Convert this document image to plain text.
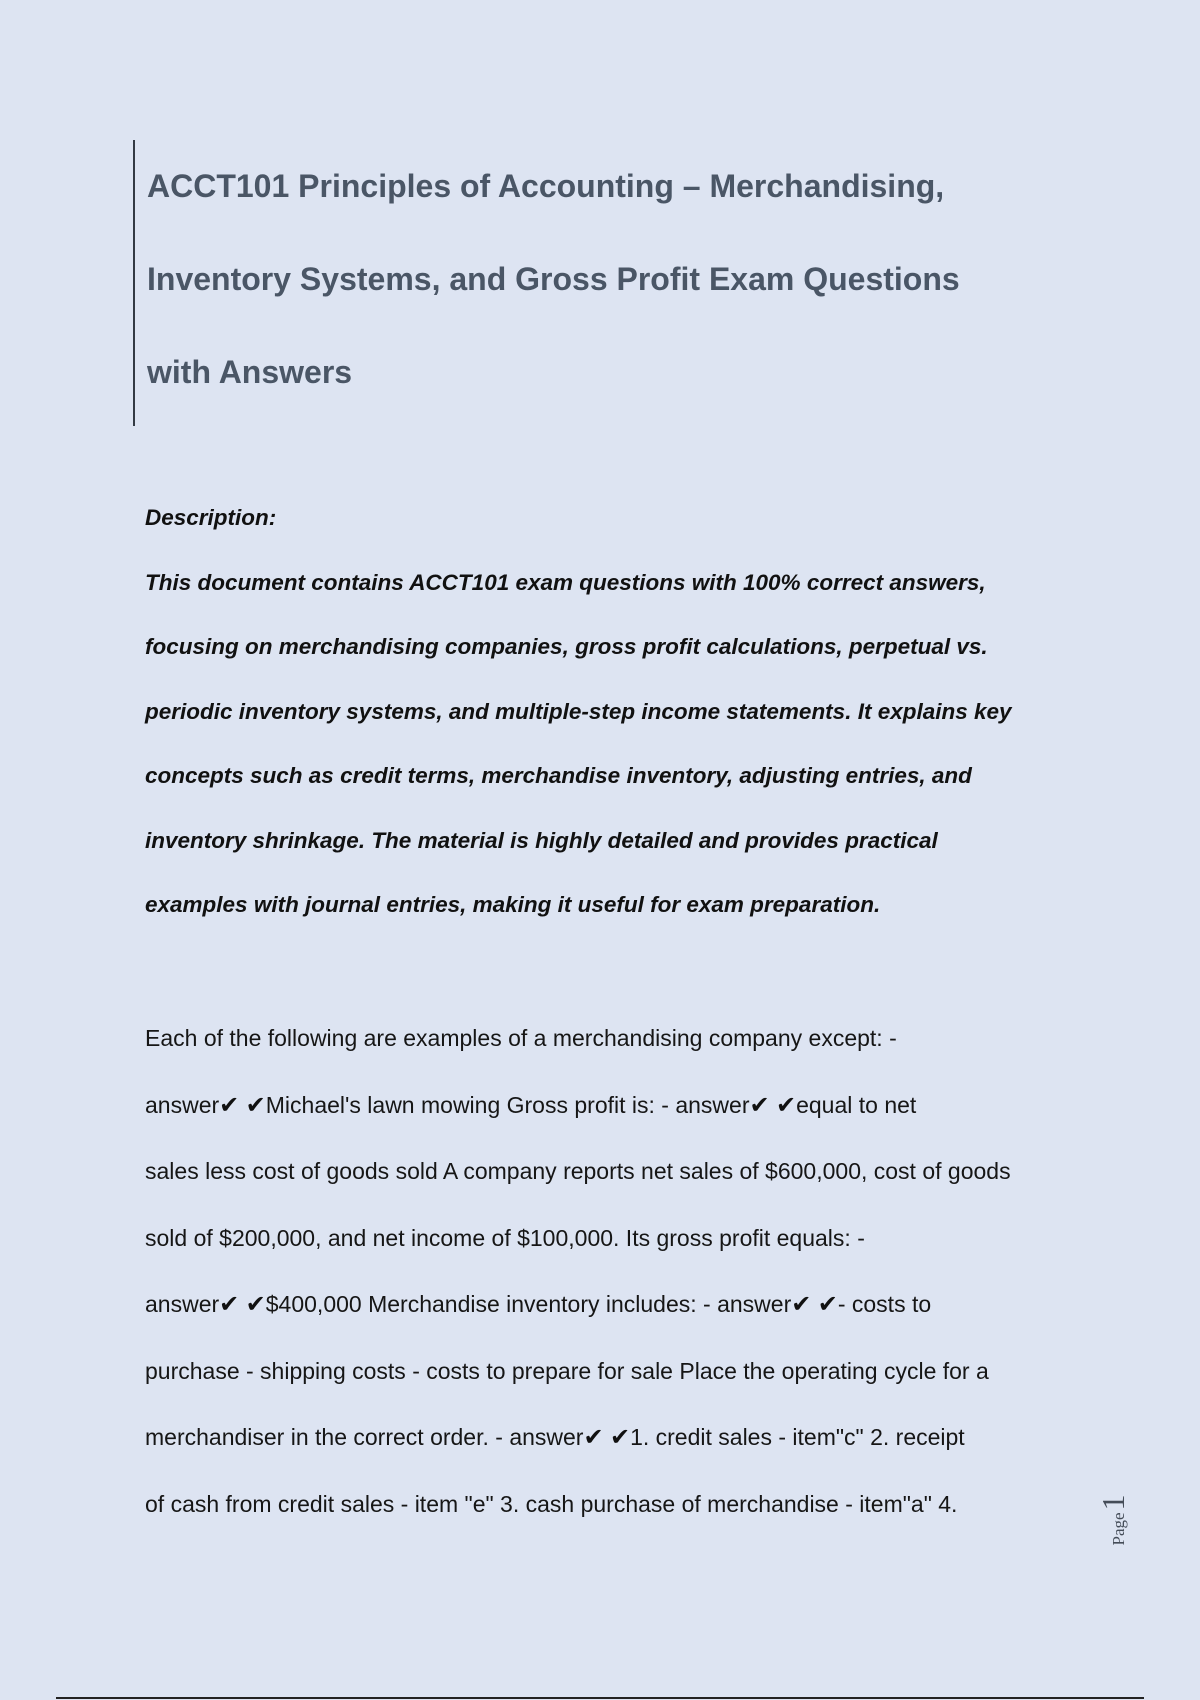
ACCT101 Principles of Accounting – Merchandising,
Inventory Systems, and Gross Profit Exam Questions
with Answers
Description:
This document contains ACCT101 exam questions with 100% correct answers,
focusing on merchandising companies, gross profit calculations, perpetual vs.
periodic inventory systems, and multiple-step income statements. It explains key
concepts such as credit terms, merchandise inventory, adjusting entries, and
inventory shrinkage. The material is highly detailed and provides practical
examples with journal entries, making it useful for exam preparation.
Each of the following are examples of a merchandising company except: -
answer✔ ✔Michael's lawn mowing Gross profit is: - answer✔ ✔equal to net
sales less cost of goods sold A company reports net sales of $600,000, cost of goods
sold of $200,000, and net income of $100,000. Its gross profit equals: -
answer✔ ✔$400,000 Merchandise inventory includes: - answer✔ ✔- costs to
purchase - shipping costs - costs to prepare for sale Place the operating cycle for a
merchandiser in the correct order. - answer✔ ✔1. credit sales - item"c" 2. receipt
of cash from credit sales - item "e" 3. cash purchase of merchandise - item"a" 4.
Page
1
